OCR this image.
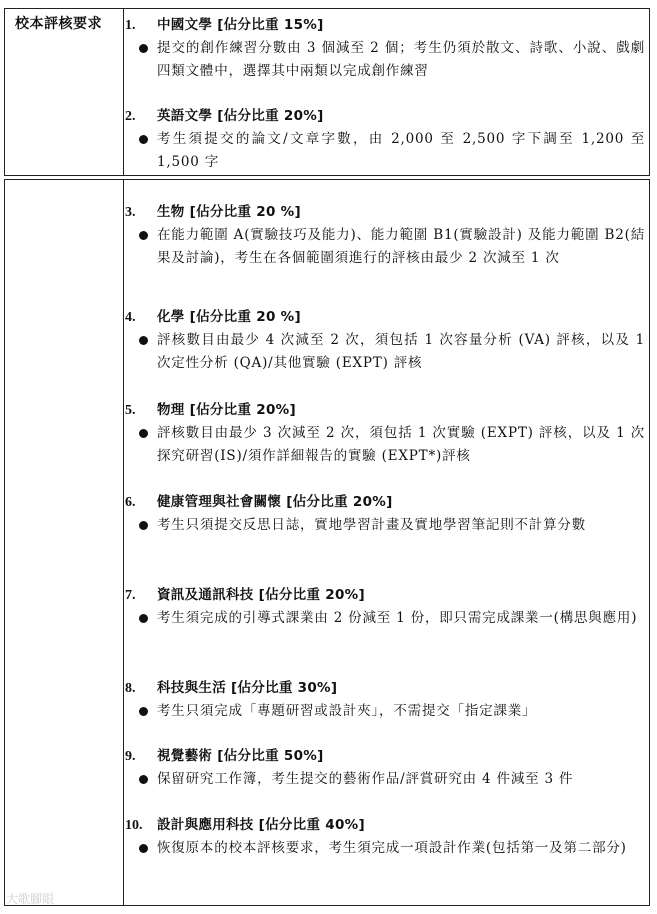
校本評核要求 1.	中國文學 [佔分比重 15%]
提交的創作練習分數由 3 個減至 2 個；考生仍須於散文、詩歌、小說、戲劇四類文體中，選擇其中兩類以完成創作練習
2.	英語文學 [佔分比重 20%]
考生須提交的論文/文章字數，由 2,000 至 2,500 字下調至 1,200 至 1,500 字
3.	生物 [佔分比重 20 %]
在能力範圍 A(實驗技巧及能力)、能力範圍 B1(實驗設計) 及能力範圍 B2(結果及討論)，考生在各個範圍須進行的評核由最少 2 次減至 1 次
4.	化學 [佔分比重 20 %]
評核數目由最少 4 次減至 2 次，須包括 1 次容量分析 (VA) 評核，以及 1 次定性分析 (QA)/其他實驗 (EXPT) 評核
5.	物理 [佔分比重 20%]
評核數目由最少 3 次減至 2 次，須包括 1 次實驗 (EXPT) 評核，以及 1 次探究研習(IS)/須作詳細報告的實驗 (EXPT*)評核
6.	健康管理與社會關懷 [佔分比重 20%]
考生只須提交反思日誌，實地學習計畫及實地學習筆記則不計算分數
7.	資訊及通訊科技 [佔分比重 20%]
考生須完成的引導式課業由 2 份減至 1 份，即只需完成課業一(構思與應用)
8.	科技與生活 [佔分比重 30%]
考生只須完成「專題研習或設計夾」，不需提交「指定課業」
9.	視覺藝術 [佔分比重 50%]
保留研究工作簿，考生提交的藝術作品/評賞研究由 4 件減至 3 件
10.	設計與應用科技 [佔分比重 40%]
恢復原本的校本評核要求，考生須完成一項設計作業(包括第一及第二部分)
大歌腳眼
